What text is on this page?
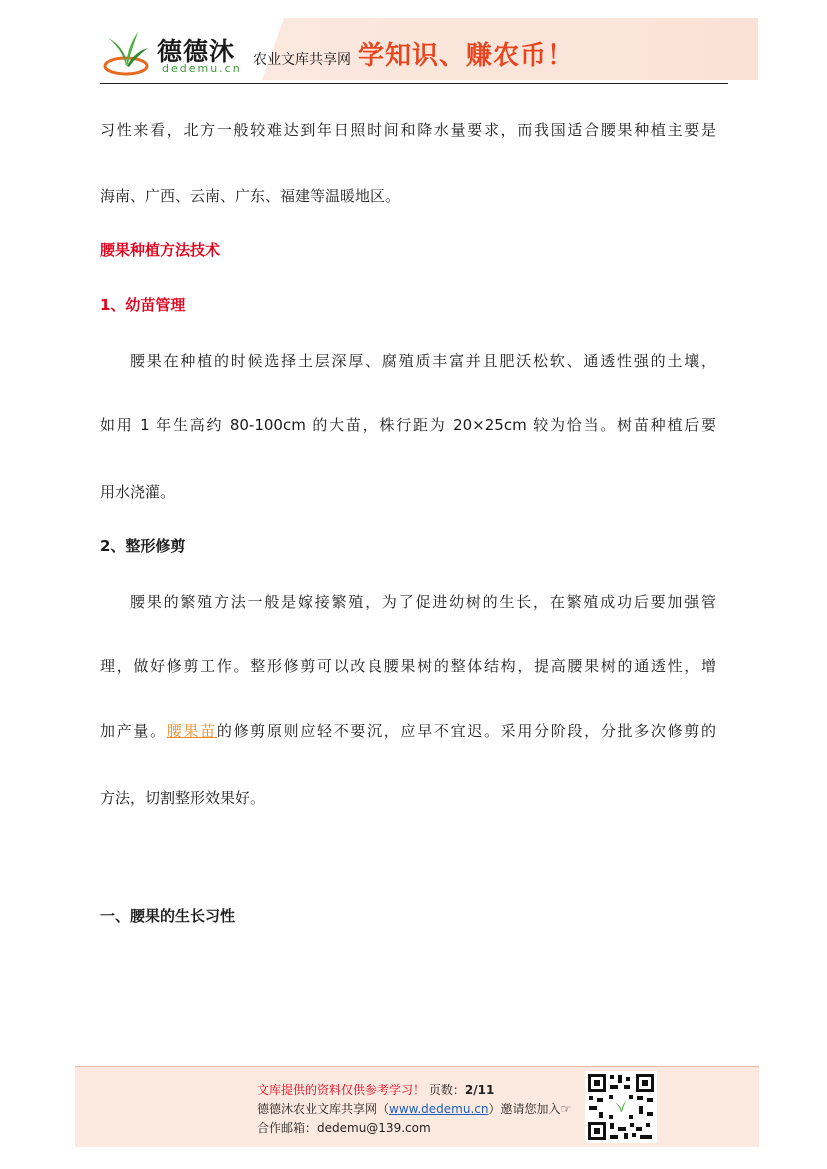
德德沐
dedemu.cn
农业文库共享网 学知识、赚农币！
习性来看，北方一般较难达到年日照时间和降水量要求，而我国适合腰果种植主要是
海南、广西、云南、广东、福建等温暖地区。
腰果种植方法技术
1、幼苗管理
腰果在种植的时候选择土层深厚、腐殖质丰富并且肥沃松软、通透性强的土壤，
如用 1 年生高约 80-100cm 的大苗，株行距为 20×25cm 较为恰当。树苗种植后要
用水浇灌。
2、整形修剪
腰果的繁殖方法一般是嫁接繁殖，为了促进幼树的生长，在繁殖成功后要加强管
理，做好修剪工作。整形修剪可以改良腰果树的整体结构，提高腰果树的通透性，增
加产量。腰果苗的修剪原则应轻不要沉，应早不宜迟。采用分阶段，分批多次修剪的
方法，切割整形效果好。
一、腰果的生长习性
文库提供的资料仅供参考学习！ 页数：2/11
德德沐农业文库共享网（www.dedemu.cn）邀请您加入☞
合作邮箱：dedemu@139.com
